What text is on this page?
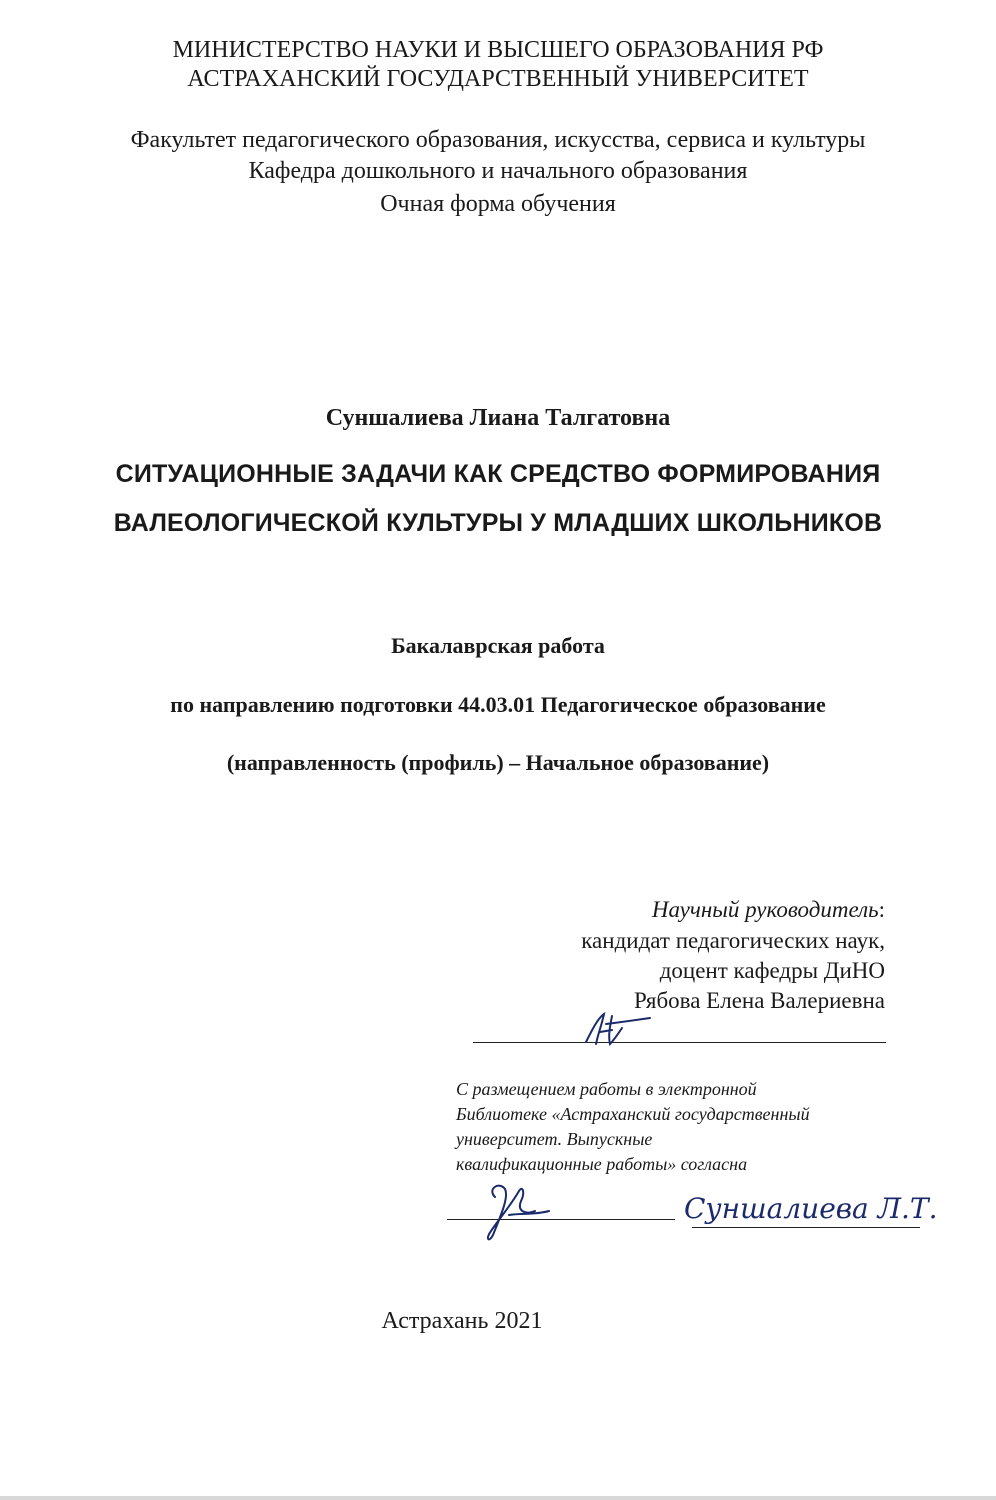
МИНИСТЕРСТВО НАУКИ И ВЫСШЕГО ОБРАЗОВАНИЯ РФ
АСТРАХАНСКИЙ ГОСУДАРСТВЕННЫЙ УНИВЕРСИТЕТ
Факультет педагогического образования, искусства, сервиса и культуры
Кафедра дошкольного и начального образования
Очная форма обучения
Суншалиева Лиана Талгатовна
СИТУАЦИОННЫЕ ЗАДАЧИ КАК СРЕДСТВО ФОРМИРОВАНИЯ
ВАЛЕОЛОГИЧЕСКОЙ КУЛЬТУРЫ У МЛАДШИХ ШКОЛЬНИКОВ
Бакалаврская работа
по направлению подготовки 44.03.01 Педагогическое образование
(направленность (профиль) – Начальное образование)
Научный руководитель:
кандидат педагогических наук,
доцент кафедры ДиНО
Рябова Елена Валериевна
С размещением работы в электронной
Библиотеке «Астраханский государственный
университет. Выпускные
квалификационные работы» согласна
Суншалиева Л.Т.
Астрахань 2021
